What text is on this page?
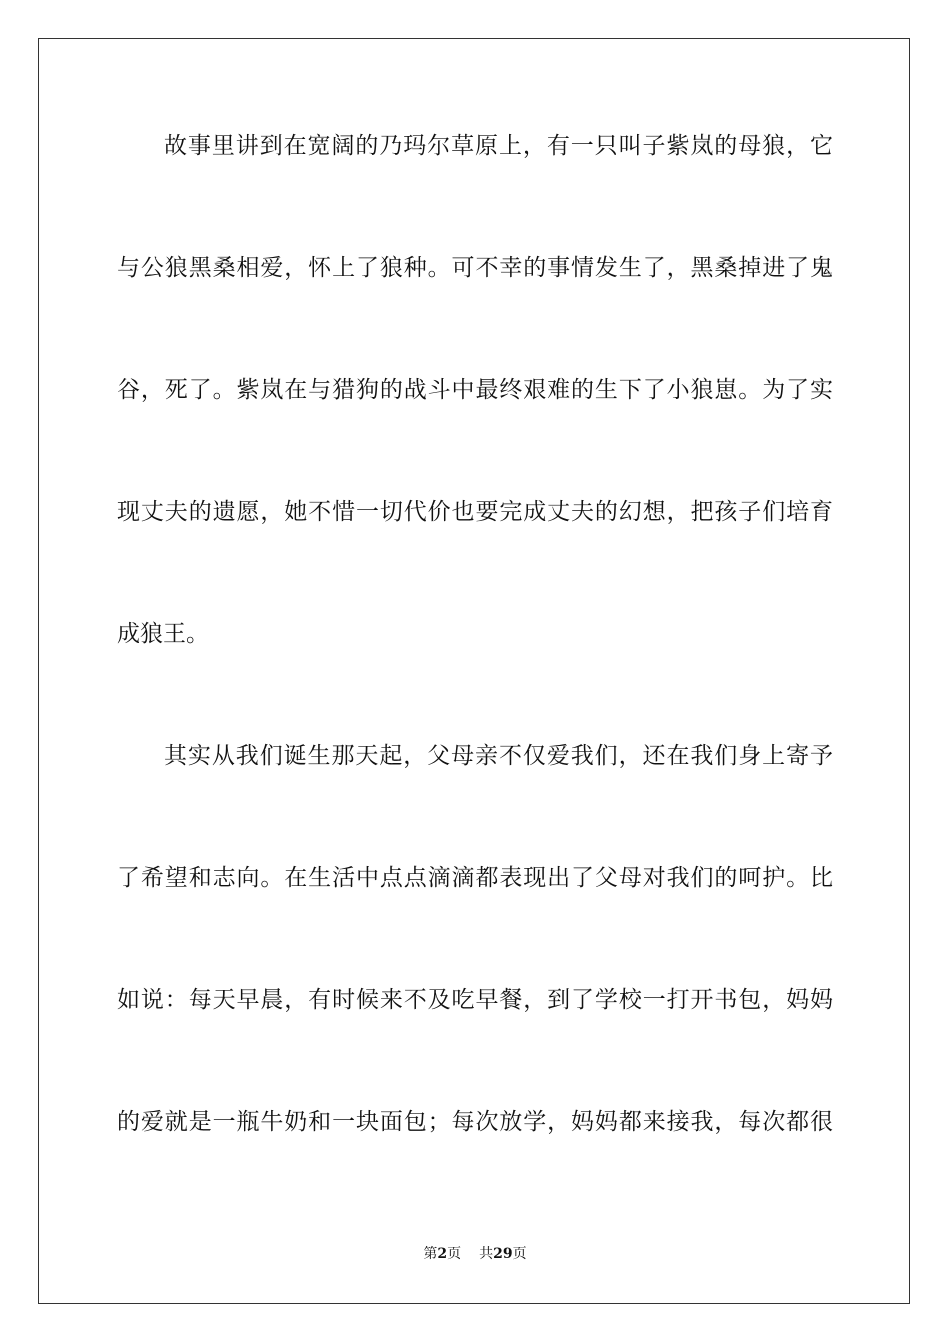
故事里讲到在宽阔的乃玛尔草原上，有一只叫子紫岚的母狼，它
与公狼黑桑相爱，怀上了狼种。可不幸的事情发生了，黑桑掉进了鬼
谷，死了。紫岚在与猎狗的战斗中最终艰难的生下了小狼崽。为了实
现丈夫的遗愿，她不惜一切代价也要完成丈夫的幻想，把孩子们培育
成狼王。
其实从我们诞生那天起，父母亲不仅爱我们，还在我们身上寄予
了希望和志向。在生活中点点滴滴都表现出了父母对我们的呵护。比
如说：每天早晨，有时候来不及吃早餐，到了学校一打开书包，妈妈
的爱就是一瓶牛奶和一块面包；每次放学，妈妈都来接我，每次都很
第2页 共29页
